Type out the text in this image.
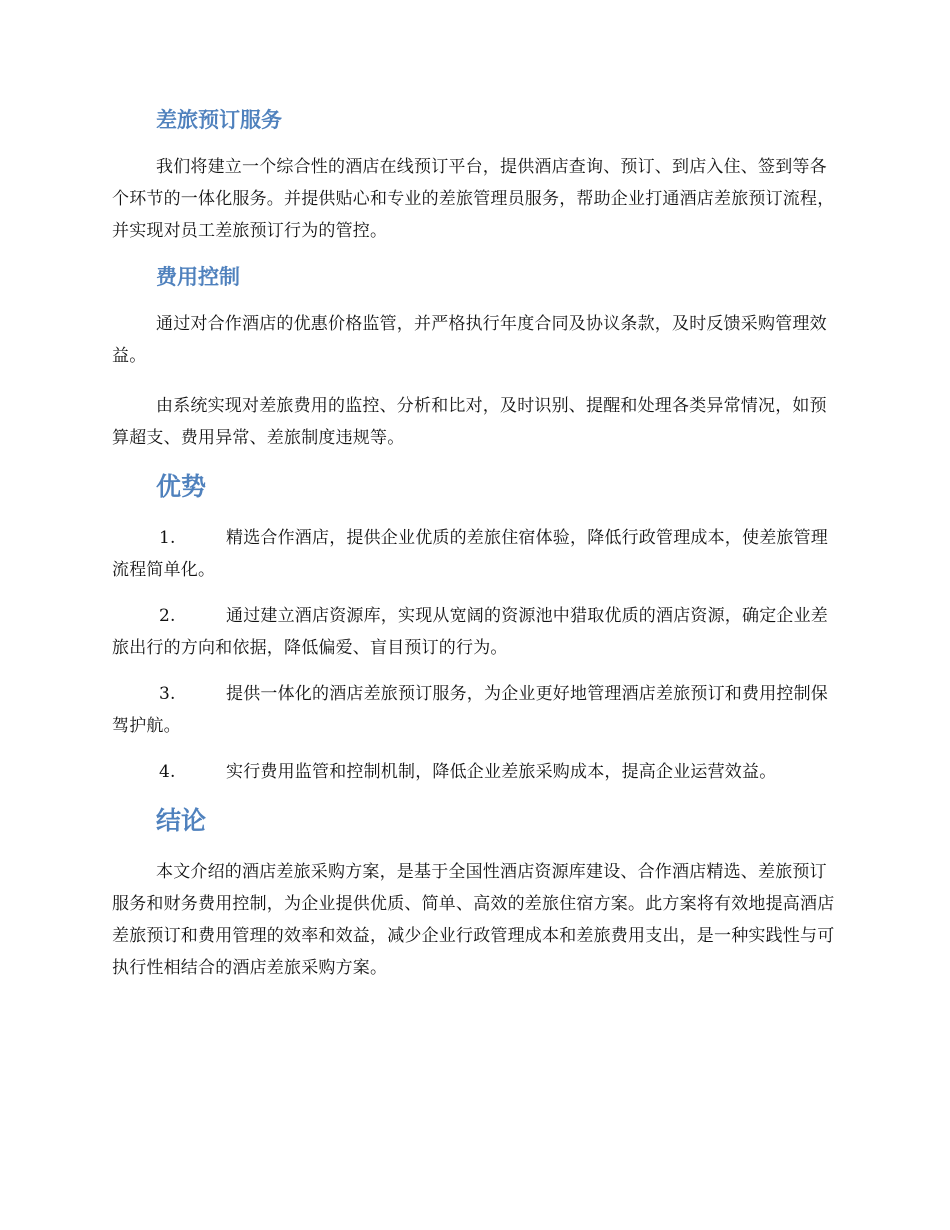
差旅预订服务

我们将建立一个综合性的酒店在线预订平台，提供酒店查询、预订、到店入住、签到等各个环节的一体化服务。并提供贴心和专业的差旅管理员服务，帮助企业打通酒店差旅预订流程，并实现对员工差旅预订行为的管控。

费用控制

通过对合作酒店的优惠价格监管，并严格执行年度合同及协议条款，及时反馈采购管理效益。

由系统实现对差旅费用的监控、分析和比对，及时识别、提醒和处理各类异常情况，如预算超支、费用异常、差旅制度违规等。

优势
1.	精选合作酒店，提供企业优质的差旅住宿体验，降低行政管理成本，使差旅管理流程简单化。
2.	通过建立酒店资源库，实现从宽阔的资源池中猎取优质的酒店资源，确定企业差旅出行的方向和依据，降低偏爱、盲目预订的行为。
3.	提供一体化的酒店差旅预订服务，为企业更好地管理酒店差旅预订和费用控制保驾护航。
4.	实行费用监管和控制机制，降低企业差旅采购成本，提高企业运营效益。
结论

本文介绍的酒店差旅采购方案，是基于全国性酒店资源库建设、合作酒店精选、差旅预订服务和财务费用控制，为企业提供优质、简单、高效的差旅住宿方案。此方案将有效地提高酒店差旅预订和费用管理的效率和效益，减少企业行政管理成本和差旅费用支出，是一种实践性与可执行性相结合的酒店差旅采购方案。
